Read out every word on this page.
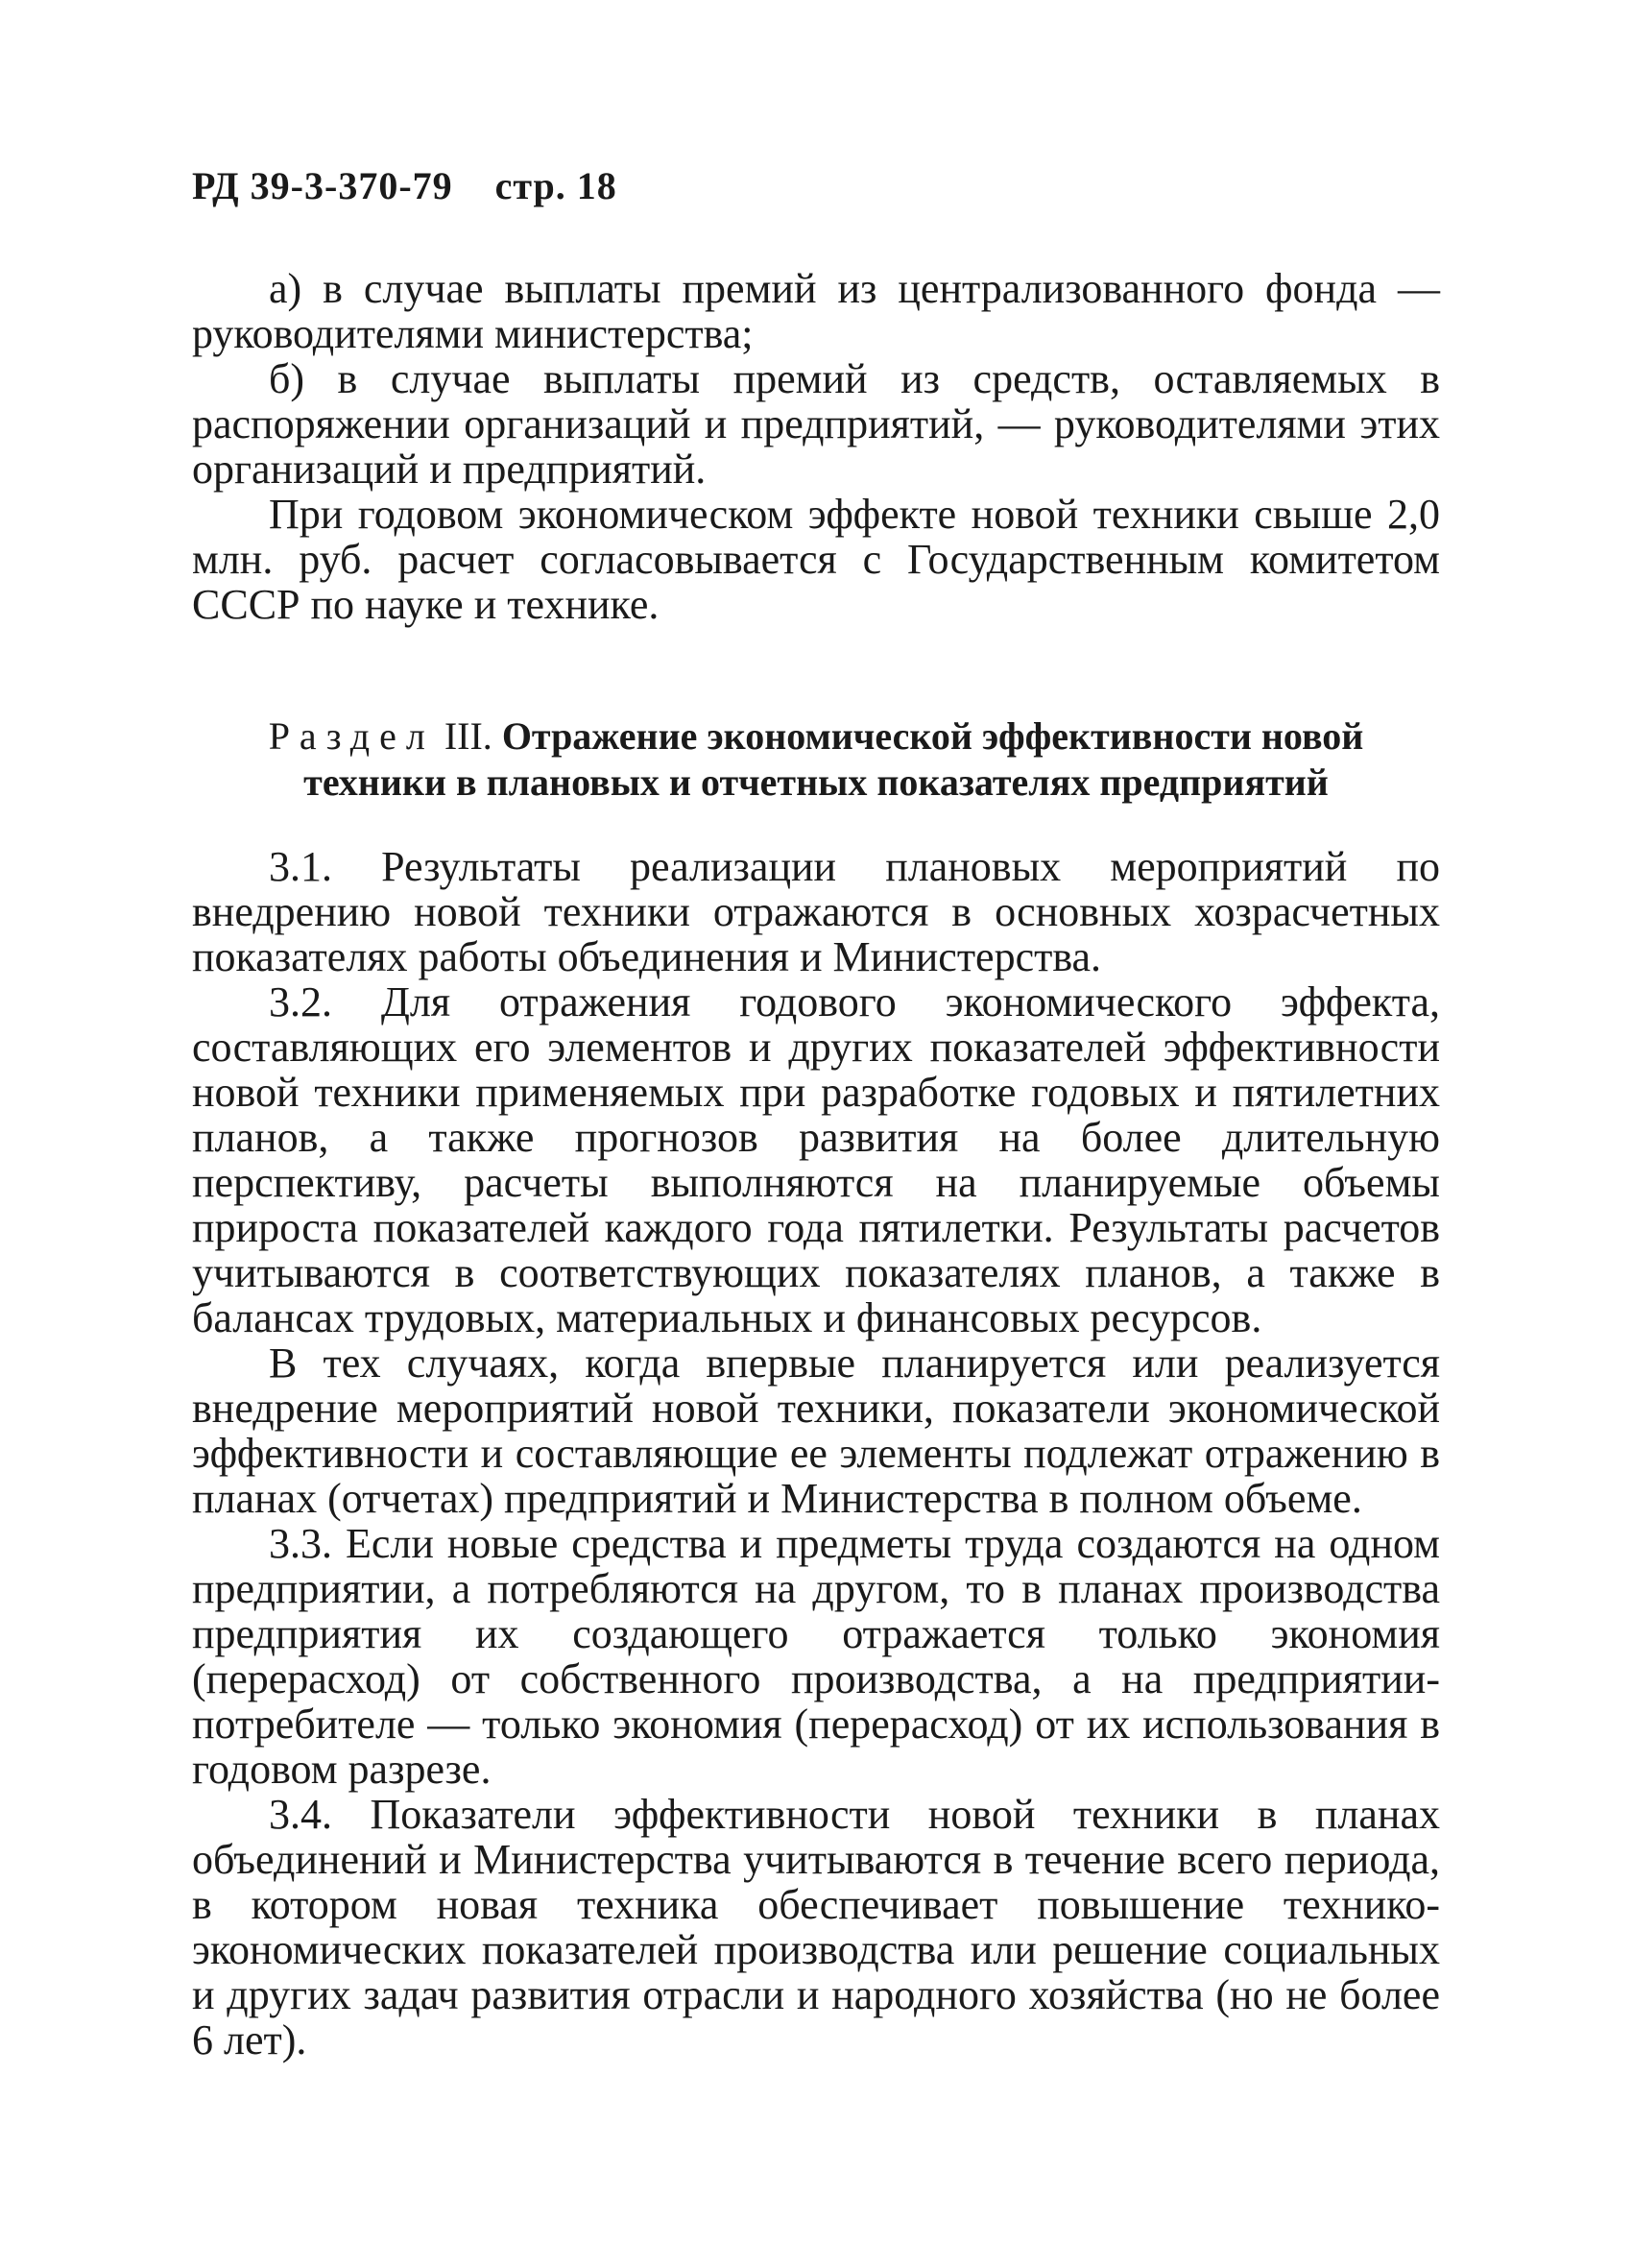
РД 39-3-370-79 стр. 18

а) в случае выплаты премий из централизованного фонда — руководителями министерства;

б) в случае выплаты премий из средств, оставляемых в распоряжении организаций и предприятий, — руководителями этих организаций и предприятий.

При годовом экономическом эффекте новой техники свыше 2,0 млн. руб. расчет согласовывается с Государственным комитетом СССР по науке и технике.

Раздел III. Отражение экономической эффективности новой техники в плановых и отчетных показателях предприятий

3.1. Результаты реализации плановых мероприятий по внедрению новой техники отражаются в основных хозрасчетных показателях работы объединения и Министерства.

3.2. Для отражения годового экономического эффекта, составляющих его элементов и других показателей эффективности новой техники применяемых при разработке годовых и пятилетних планов, а также прогнозов развития на более длительную перспективу, расчеты выполняются на планируемые объемы прироста показателей каждого года пятилетки. Результаты расчетов учитываются в соответствующих показателях планов, а также в балансах трудовых, материальных и финансовых ресурсов.

В тех случаях, когда впервые планируется или реализуется внедрение мероприятий новой техники, показатели экономической эффективности и составляющие ее элементы подлежат отражению в планах (отчетах) предприятий и Министерства в полном объеме.

3.3. Если новые средства и предметы труда создаются на одном предприятии, а потребляются на другом, то в планах производства предприятия их создающего отражается только экономия (перерасход) от собственного производства, а на предприятии-потребителе — только экономия (перерасход) от их использования в годовом разрезе.

3.4. Показатели эффективности новой техники в планах объединений и Министерства учитываются в течение всего периода, в котором новая техника обеспечивает повышение технико-экономических показателей производства или решение социальных и других задач развития отрасли и народного хозяйства (но не более 6 лет).
